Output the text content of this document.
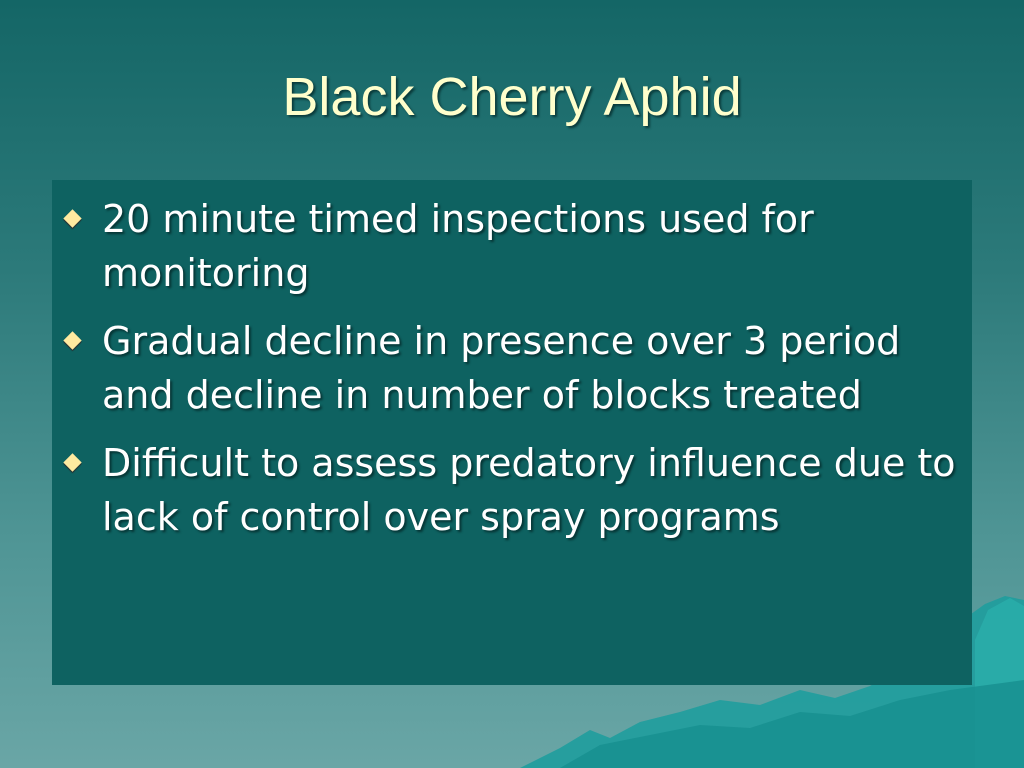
Black Cherry Aphid
20 minute timed inspections used for monitoring
Gradual decline in presence over 3 period and decline in number of blocks treated
Difficult to assess predatory influence due to lack of control over spray programs
